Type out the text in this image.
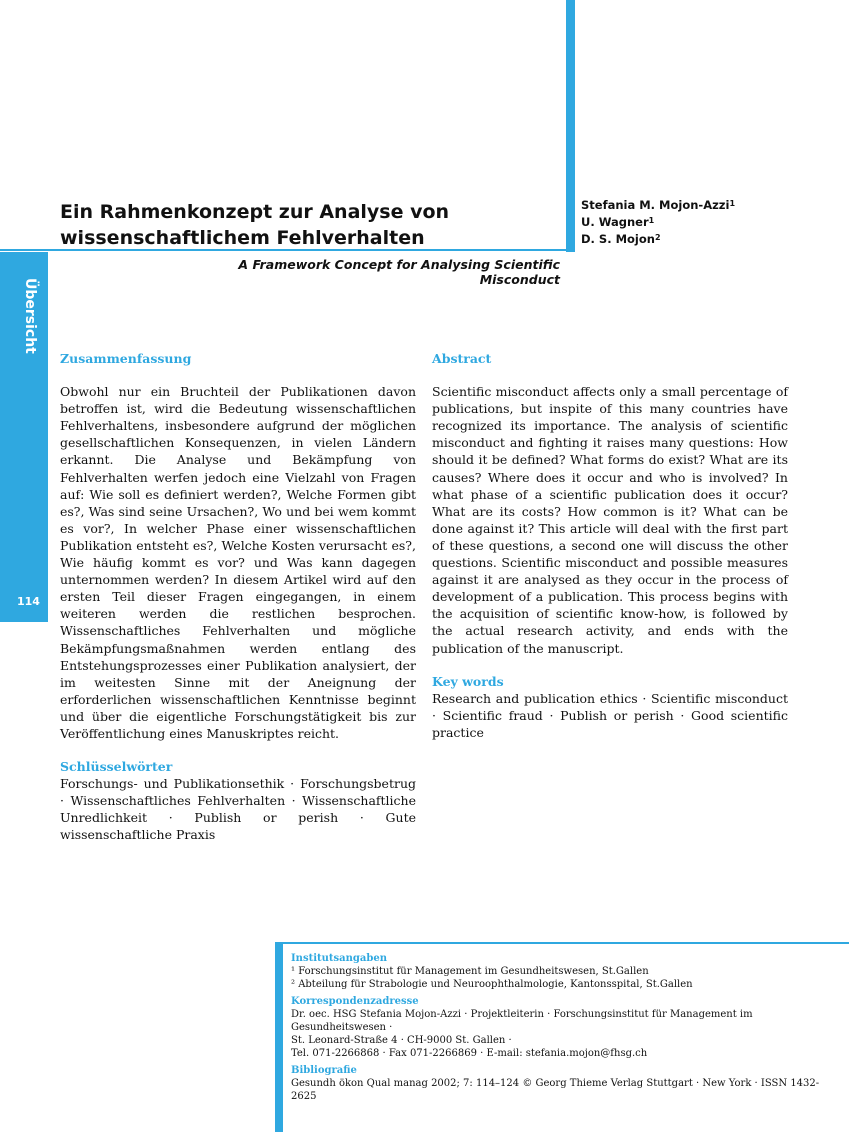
Übersicht
114
Ein Rahmenkonzept zur Analyse von
wissenschaftlichem Fehlverhalten
Stefania M. Mojon-Azzi$^1$
U. Wagner$^1$
D. S. Mojon$^2$
A Framework Concept for Analysing Scientific Misconduct
Zusammenfassung

Obwohl nur ein Bruchteil der Publikationen davon betroffen ist, wird die Bedeutung wissenschaftlichen Fehlverhaltens, insbesondere aufgrund der möglichen gesellschaftlichen Konsequenzen, in vielen Ländern erkannt. Die Analyse und Bekämpfung von Fehlverhalten werfen jedoch eine Vielzahl von Fragen auf: Wie soll es definiert werden?, Welche Formen gibt es?, Was sind seine Ursachen?, Wo und bei wem kommt es vor?, In welcher Phase einer wissenschaftlichen Publikation entsteht es?, Welche Kosten verursacht es?, Wie häufig kommt es vor? und Was kann dagegen unternommen werden? In diesem Artikel wird auf den ersten Teil dieser Fragen eingegangen, in einem weiteren werden die restlichen besprochen. Wissenschaftliches Fehlverhalten und mögliche Bekämpfungsmaßnahmen werden entlang des Entstehungsprozesses einer Publikation analysiert, der im weitesten Sinne mit der Aneignung der erforderlichen wissenschaftlichen Kenntnisse beginnt und über die eigentliche Forschungstätigkeit bis zur Veröffentlichung eines Manuskriptes reicht.

Schlüsselwörter

Forschungs- und Publikationsethik · Forschungsbetrug · Wissenschaftliches Fehlverhalten · Wissenschaftliche Unredlichkeit · Publish or perish · Gute wissenschaftliche Praxis

Abstract

Scientific misconduct affects only a small percentage of publications, but inspite of this many countries have recognized its importance. The analysis of scientific misconduct and fighting it raises many questions: How should it be defined? What forms do exist? What are its causes? Where does it occur and who is involved? In what phase of a scientific publication does it occur? What are its costs? How common is it? What can be done against it? This article will deal with the first part of these questions, a second one will discuss the other questions. Scientific misconduct and possible measures against it are analysed as they occur in the process of development of a publication. This process begins with the acquisition of scientific know-how, is followed by the actual research activity, and ends with the publication of the manuscript.

Key words

Research and publication ethics · Scientific misconduct · Scientific fraud · Publish or perish · Good scientific practice

Institutsangaben
¹ Forschungsinstitut für Management im Gesundheitswesen, St.Gallen
² Abteilung für Strabologie und Neuroophthalmologie, Kantonsspital, St.Gallen
Korrespondenzadresse
Dr. oec. HSG Stefania Mojon-Azzi · Projektleiterin · Forschungsinstitut für Management im Gesundheitswesen ·
St. Leonard-Straße 4 · CH-9000 St. Gallen ·
Tel. 071-2266868 · Fax 071-2266869 · E-mail: stefania.mojon@fhsg.ch
Bibliografie
Gesundh ökon Qual manag 2002; 7: 114–124 © Georg Thieme Verlag Stuttgart · New York · ISSN 1432-2625
